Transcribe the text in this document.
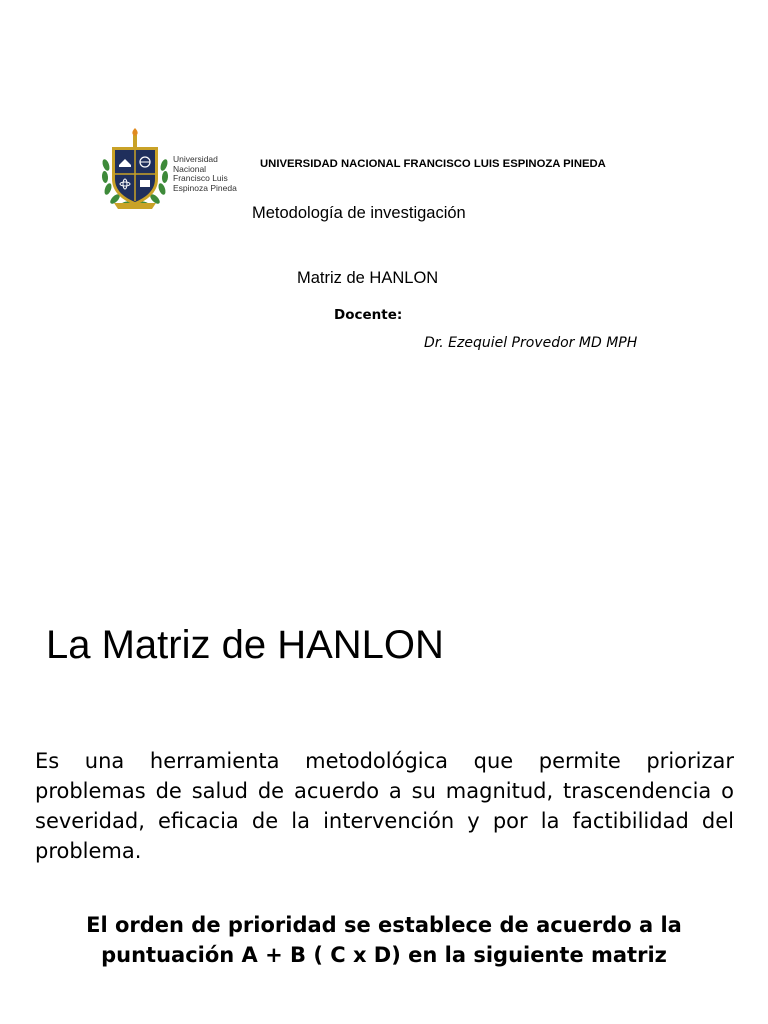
Universidad
Nacional
Francisco Luis
Espinoza Pineda
UNIVERSIDAD NACIONAL FRANCISCO LUIS ESPINOZA PINEDA
Metodología de investigación
Matriz de HANLON
Docente:
Dr. Ezequiel Provedor MD MPH
La Matriz de HANLON
Es una herramienta metodológica que permite priorizar problemas de salud de acuerdo a su magnitud, trascendencia o severidad, eficacia de la intervención y por la factibilidad del problema.
El orden de prioridad se establece de acuerdo a la
puntuación A + B ( C x D) en la siguiente matriz
